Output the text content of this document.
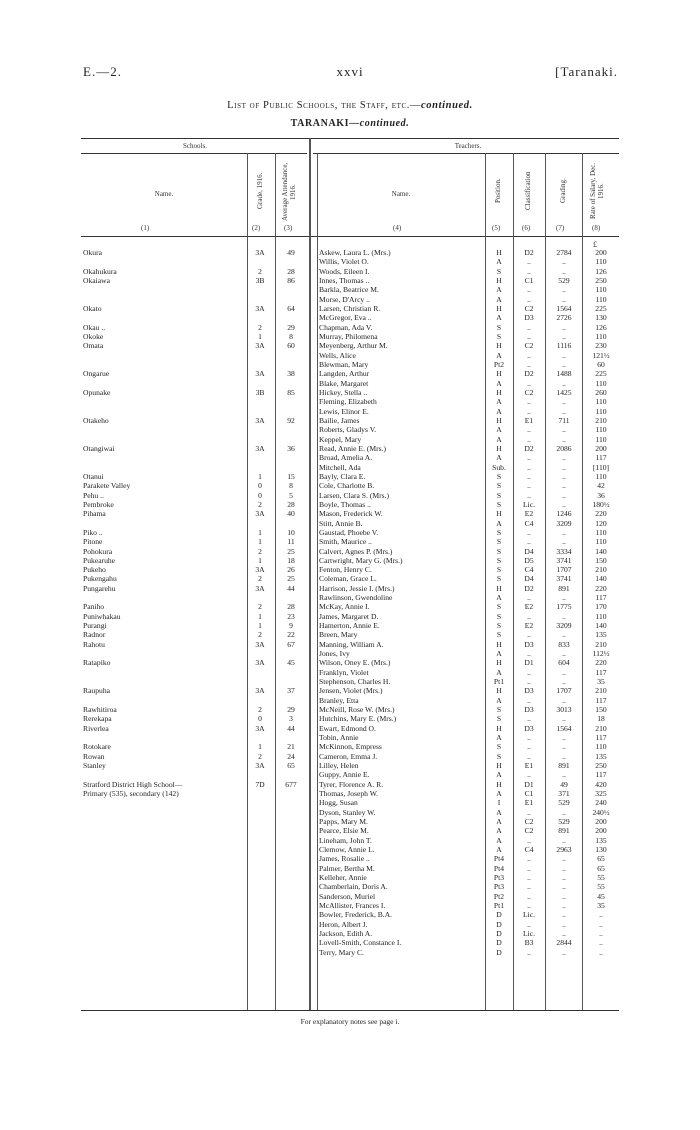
E.—2.	xxvi	[Taranaki.
List of Public Schools, the Staff, etc.—continued.
TARANAKI—continued.
Schools.	Teachers.
Name.	Grade, 1916. Average Attendance, 1916.	Name.	Position.	Classification	Grading.	Rate of Salary, Dec. 1916.
(1)	(2)	(3)	(4)	(5)	(6)	(7)	(8)
£
Okura	3A	49	Askew, Laura L. (Mrs.)	H	D2	2784	200
Willis, Violet O.	A	..	..	110
Okahukura	2	28	Woods, Eileen I.	S	..	..	126
Okaiawa	3B	86	Innes, Thomas ..	H	C1	529	250
Barkla, Beatrice M.	A	..	..	110
Morse, D'Arcy ..	A	..	..	110
Okato	3A	64	Larsen, Christian R.	H	C2	1564	225
McGregor, Eva ..	A	D3	2726	130
Okau ..	2	29	Chapman, Ada V.	S	..	..	126
Okoke	1	8	Murray, Philomena	S	..	..	110
Omata	3A	60	Meyenberg, Arthur M.	H	C2	1116	230
Wells, Alice	A	..	..	121½
Blewman, Mary	Pt2	..	..	60
Ongarue	3A	38	Langden, Arthur	H	D2	1488	225
Blake, Margaret	A	..	..	110
Opunake	3B	85	Hickey, Stella ..	H	C2	1425	260
Fleming, Elizabeth	A	..	..	110
Lewis, Elinor E.	A	..	..	110
Otakeho	3A	92	Bailie, James	H	E1	711	210
Roberts, Gladys V.	A	..	..	110
Keppel, Mary	A	..	..	110
Otangiwai	3A	36	Read, Annie E. (Mrs.)	H	D2	2086	200
Broad, Amelia A.	A	..	..	117
Mitchell, Ada	Sub.	..	..	[110]
Otanui	1	15	Bayly, Clara E.	S	..	..	110
Parakete Valley	0	8	Cole, Charlotte B.	S	..	..	42
Pehu ..	0	5	Larsen, Clara S. (Mrs.)	S	..	..	36
Pembroke	2	28	Boyle, Thomas ..	S	Lic.	..	180½
Pihama	3A	40	Mason, Frederick W.	H	E2	1246	220
Stitt, Annie B.	A	C4	3209	120
Piko ..	1	10	Gaustad, Phoebe V.	S	..	..	110
Pitone	1	11	Smith, Maurice ..	S	..	..	110
Pohokura	2	25	Calvert, Agnes P. (Mrs.)	S	D4	3334	140
Pukearuhe	1	18	Cartwright, Mary G. (Mrs.)	S	D5	3741	150
Pukeho	3A	26	Fenton, Henry C.	S	C4	1707	210
Pukengahu	2	25	Coleman, Grace L.	S	D4	3741	140
Pungarehu	3A	44	Harrison, Jessie I. (Mrs.)	H	D2	891	220
Rawlinson, Gwendoline	A	..	..	117
Paniho	2	28	McKay, Annie I.	S	E2	1775	170
Puniwhakau	1	23	James, Margaret D.	S	..	..	110
Purangi	1	9	Hamerton, Annie E.	S	E2	3209	140
Radnor	2	22	Breen, Mary	S	..	..	135
Rahotu	3A	67	Manning, William A.	H	D3	833	210
Jones, Ivy	A	..	..	112½
Ratapiko	3A	45	Wilson, Oney E. (Mrs.)	H	D1	604	220
Franklyn, Violet	A	..	..	117
Stephenson, Charles H.	Pt1	..	..	35
Raupuha	3A	37	Jensen, Violet (Mrs.)	H	D3	1707	210
Branley, Etta	A	..	..	117
Rawhitiroa	2	29	McNeill, Rose W. (Mrs.)	S	D3	3013	150
Rerekapa	0	3	Hutchins, Mary E. (Mrs.)	S	..	..	18
Riverlea	3A	44	Ewart, Edmond O.	H	D3	1564	210
Tobin, Annie	A	..	..	117
Rotokare	1	21	McKinnon, Empress	S	..	..	110
Rowan	2	24	Cameron, Emma J.	S	..	..	135
Stanley	3A	65	Lilley, Helen	H	E1	891	250
Guppy, Annie E.	A	..	..	117
Stratford District High School—	7D	677	Tyrer, Florence A. R.	H	D1	49	420
Primary (535), secondary (142)	Thomas, Joseph W.	A	C1	371	325
Hogg, Susan	I	E1	529	240
Dyson, Stanley W.	A	..	..	240½
Papps, Mary M.	A	C2	529	200
Pearce, Elsie M.	A	C2	891	200
Lineham, John T.	A	..	..	135
Clemow, Annie L.	A	C4	2963	130
James, Rosalie ..	Pt4	..	..	65
Palmer, Bertha M.	Pt4	..	..	65
Kelleher, Annie	Pt3	..	..	55
Chamberlain, Doris A.	Pt3	..	..	55
Sanderson, Muriel	Pt2	..	..	45
McAllister, Frances I.	Pt1	..	..	35
Bowler, Frederick, B.A.	D	Lic.	..	..
Heron, Albert J.	D	..	..	..
Jackson, Edith A.	D	Lic.	..	..
Lovell-Smith, Constance I.	D	B3	2844	..
Terry, Mary C.	D	..	..	..
For explanatory notes see page i.
